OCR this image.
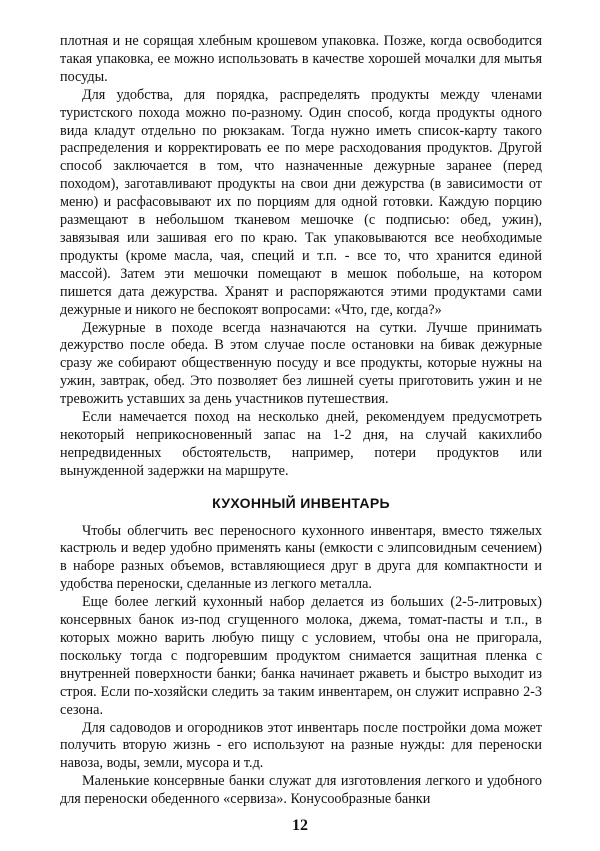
плотная и не сорящая хлебным крошевом упаковка. Позже, когда освободится такая упаковка, ее можно использовать в качестве хорошей мочалки для мытья посуды.

Для удобства, для порядка, распределять продукты между членами туристского похода можно по-разному. Один способ, когда продукты одного вида кладут отдельно по рюкзакам. Тогда нужно иметь список-карту такого распределения и корректировать ее по мере расходования продуктов. Другой способ заключается в том, что назначенные дежурные заранее (перед походом), заготавливают продукты на свои дни дежурства (в зависимости от меню) и расфасовывают их по порциям для одной готовки. Каждую порцию размещают в небольшом тканевом мешочке (с подписью: обед, ужин), завязывая или зашивая его по краю. Так упаковываются все необходимые продукты (кроме масла, чая, специй и т.п. - все то, что хранится единой массой). Затем эти мешочки помещают в мешок побольше, на котором пишется дата дежурства. Хранят и распоряжаются этими продуктами сами дежурные и никого не беспокоят вопросами: «Что, где, когда?»

Дежурные в походе всегда назначаются на сутки. Лучше принимать дежурство после обеда. В этом случае после остановки на бивак дежурные сразу же собирают общественную посуду и все продукты, которые нужны на ужин, завтрак, обед. Это позволяет без лишней суеты приготовить ужин и не тревожить уставших за день участников путешествия.

Если намечается поход на несколько дней, рекомендуем предусмотреть некоторый неприкосновенный запас на 1-2 дня, на случай какихлибо непредвиденных обстоятельств, например, потери продуктов или вынужденной задержки на маршруте.

КУХОННЫЙ ИНВЕНТАРЬ

Чтобы облегчить вес переносного кухонного инвентаря, вместо тяжелых кастрюль и ведер удобно применять каны (емкости с элипсовидным сечением) в наборе разных объемов, вставляющиеся друг в друга для компактности и удобства переноски, сделанные из легкого металла.

Еще более легкий кухонный набор делается из больших (2-5-литровых) консервных банок из-под сгущенного молока, джема, томат-пасты и т.п., в которых можно варить любую пищу с условием, чтобы она не пригорала, поскольку тогда с подгоревшим продуктом снимается защитная пленка с внутренней поверхности банки; банка начинает ржаветь и быстро выходит из строя. Если по-хозяйски следить за таким инвентарем, он служит исправно 2-3 сезона.

Для садоводов и огородников этот инвентарь после постройки дома может получить вторую жизнь - его используют на разные нужды: для переноски навоза, воды, земли, мусора и т.д.

Маленькие консервные банки служат для изготовления легкого и удобного для переноски обеденного «сервиза». Конусообразные банки

12
